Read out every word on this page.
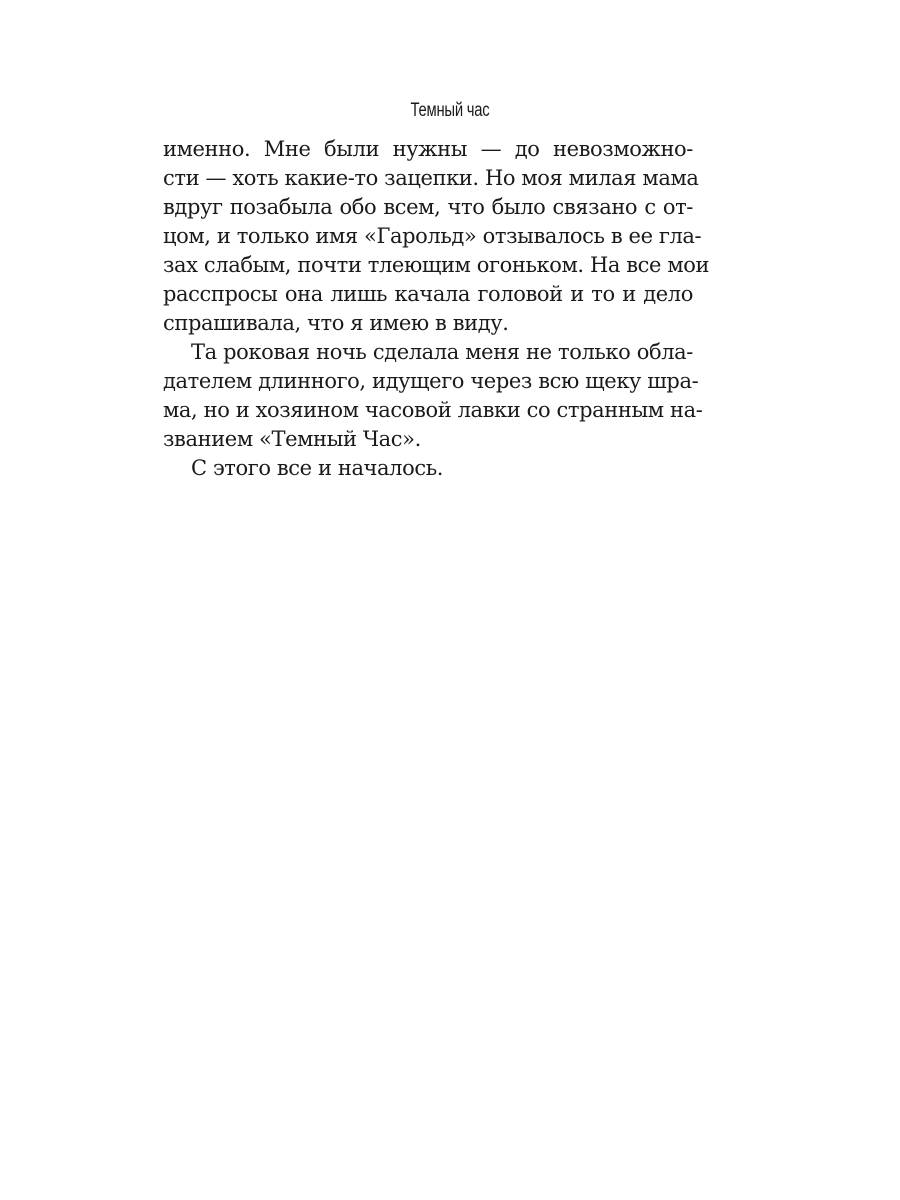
Темный час
именно. Мне были нужны — до невозможно-
сти — хоть какие-то зацепки. Но моя милая мама
вдруг позабыла обо всем, что было связано с от-
цом, и только имя «Гарольд» отзывалось в ее гла-
зах слабым, почти тлеющим огоньком. На все мои
расспросы она лишь качала головой и то и дело
спрашивала, что я имею в виду.
Та роковая ночь сделала меня не только обла-
дателем длинного, идущего через всю щеку шра-
ма, но и хозяином часовой лавки со странным на-
званием «Темный Час».
С этого все и началось.
